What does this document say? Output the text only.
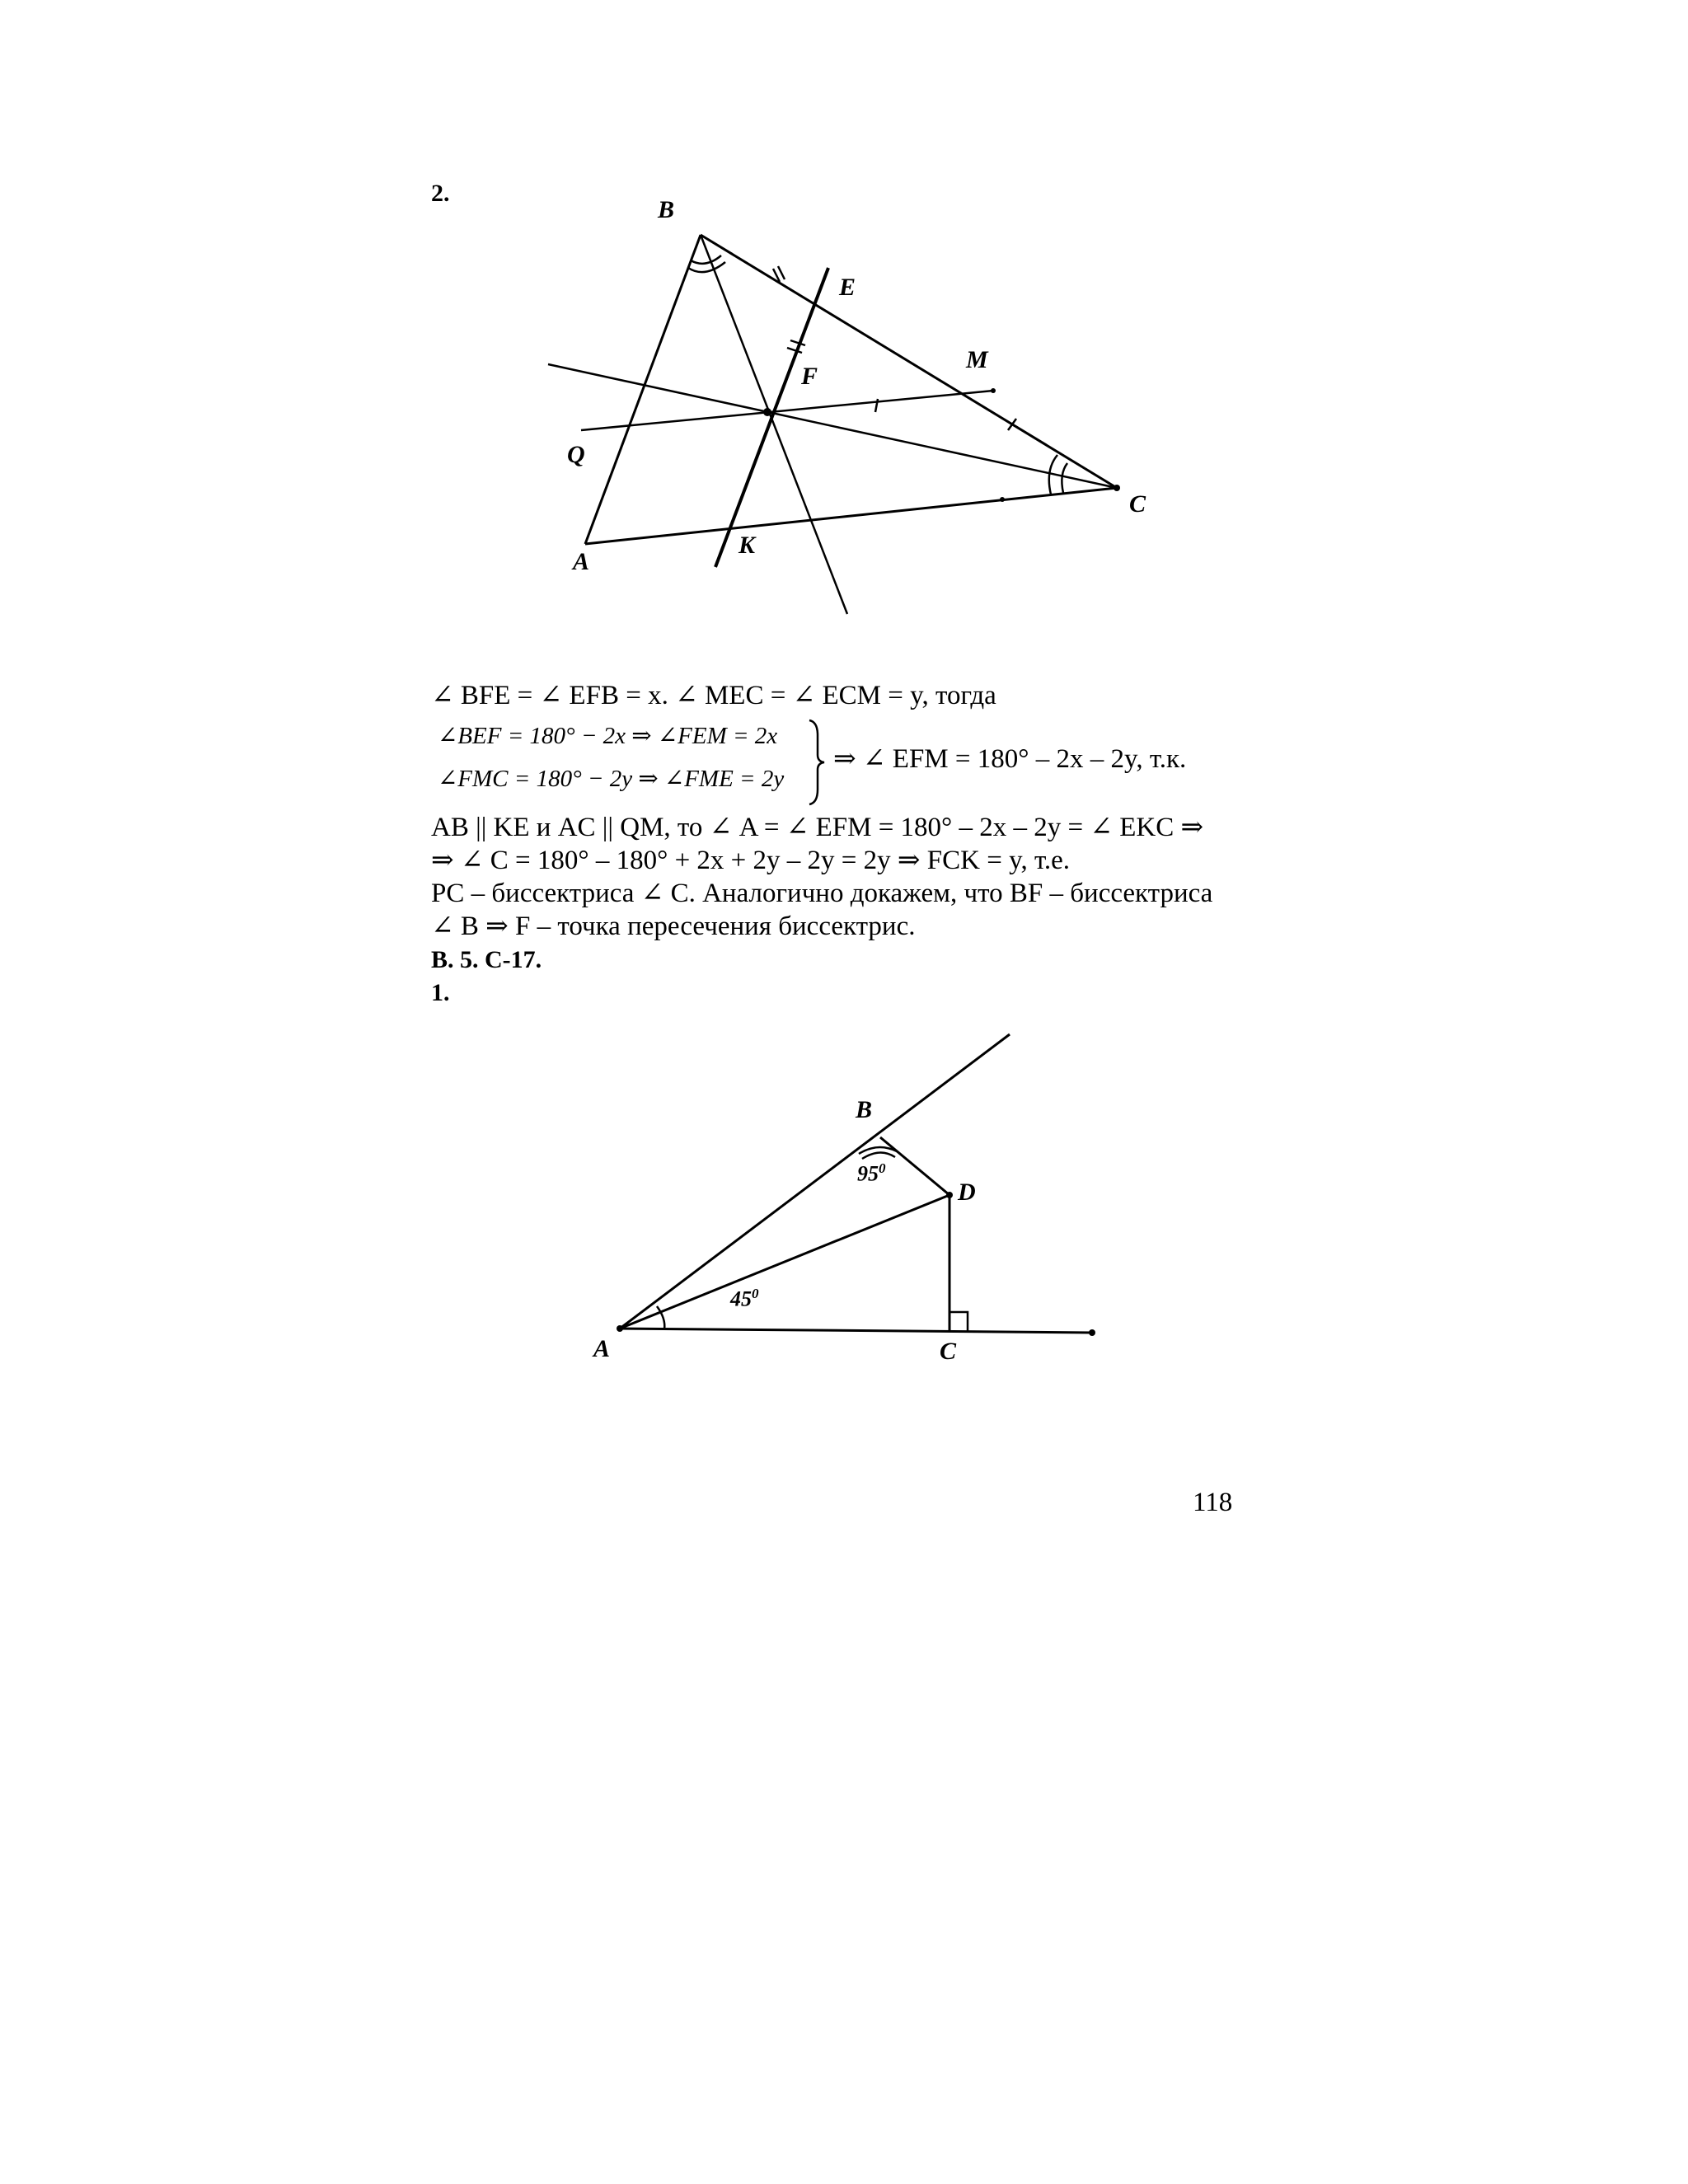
2.
B
E
F
M
Q
C
A
K
∠ BFE = ∠ EFB = x. ∠ MEC = ∠ ECM = y, тогда
∠BEF = 180° − 2x ⇒ ∠FEM = 2x
∠FMC = 180° − 2y ⇒ ∠FME = 2y
⇒ ∠ EFM = 180° – 2x – 2y, т.к.
AB || KE и AC || QM, то ∠ A = ∠ EFM = 180° – 2x – 2y = ∠ EKC ⇒
⇒ ∠ C = 180° – 180° + 2x + 2y – 2y = 2y ⇒ FCK = y, т.е.
PC – биссектриса ∠ C. Аналогично докажем, что BF – биссектриса
∠ B ⇒ F – точка пересечения биссектрис.
В. 5. С-17.
1.
B
D
A	C
$95^0$
$45^0$
118
